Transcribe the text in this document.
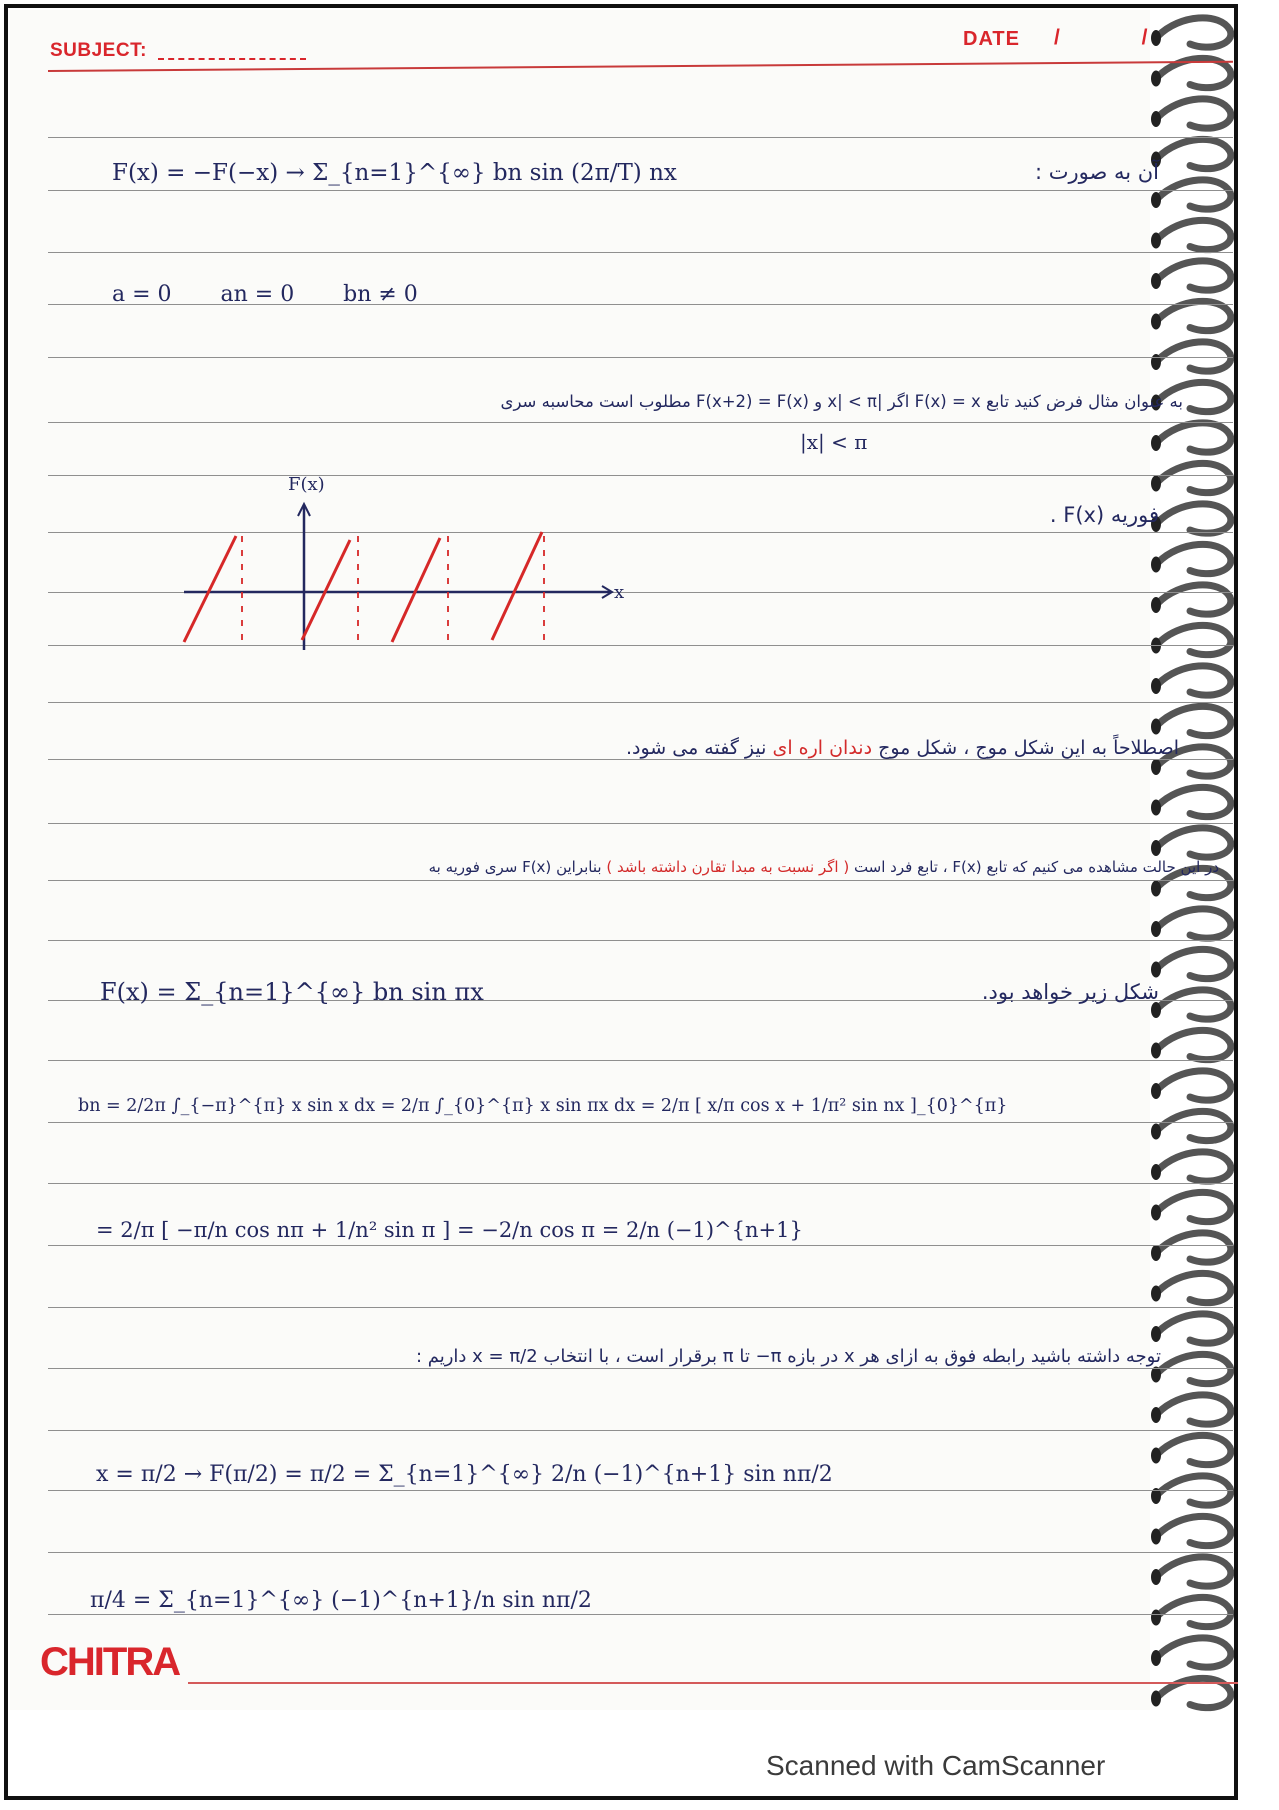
SUBJECT:
DATE / /
F(x) = −F(−x) → Σ_{n=1}^{∞} bn sin (2π/T) nx	آن به صورت :
a = 0       an = 0       bn ≠ 0
به عنوان مثال فرض کنید تابع F(x) = x اگر |x| < π و F(x+2) = F(x) مطلوب است محاسبه سری
|x| < π
F(x)
x
فوریه F(x) .
اصطلاحاً به این شکل موج ، شکل موج دندان اره ای نیز گفته می شود.
در این حالت مشاهده می کنیم که تابع F(x) ، تابع فرد است ( اگر نسبت به مبدا تقارن داشته باشد ) بنابراین F(x) سری فوریه به
F(x) = Σ_{n=1}^{∞} bn sin πx	شکل زیر خواهد بود.
bn = 2/2π ∫_{−π}^{π} x sin x dx = 2/π ∫_{0}^{π} x sin πx dx = 2/π [ x/π cos x + 1/π² sin nx ]_{0}^{π}
= 2/π [ −π/n cos nπ + 1/n² sin π ] = −2/n cos π = 2/n (−1)^{n+1}
توجه داشته باشید رابطه فوق به ازای هر x در بازه π− تا π برقرار است ، با انتخاب x = π/2 داریم :
x = π/2 → F(π/2) = π/2 = Σ_{n=1}^{∞} 2/n (−1)^{n+1} sin nπ/2
π/4 = Σ_{n=1}^{∞} (−1)^{n+1}/n sin nπ/2
CHITRA
Scanned with CamScanner
